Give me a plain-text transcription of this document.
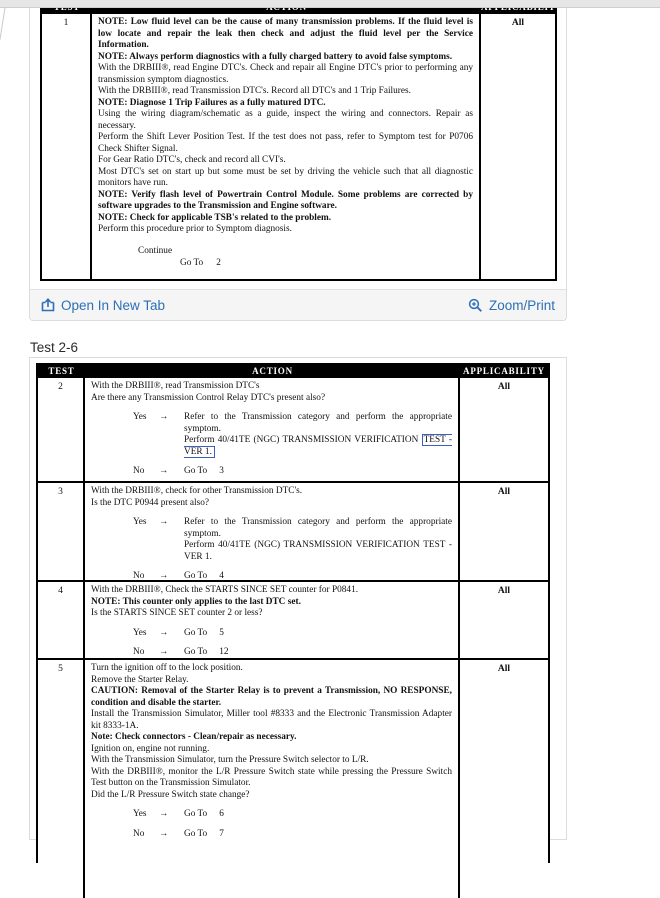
Open In New Tab	Zoom/Print
1	NOTE: Low fluid level can be the cause of many transmission problems. If the fluid level is low locate and repair the leak then check and adjust the fluid level per the Service Information.
NOTE: Always perform diagnostics with a fully charged battery to avoid false symptoms.
With the DRBIII®, read Engine DTC's. Check and repair all Engine DTC's prior to performing any transmission symptom diagnostics.
With the DRBIII®, read Transmission DTC's. Record all DTC's and 1 Trip Failures.
NOTE: Diagnose 1 Trip Failures as a fully matured DTC.
Using the wiring diagram/schematic as a guide, inspect the wiring and connectors. Repair as necessary.
Perform the Shift Lever Position Test. If the test does not pass, refer to Symptom test for P0706 Check Shifter Signal.
For Gear Ratio DTC's, check and record all CVI's.
Most DTC's set on start up but some must be set by driving the vehicle such that all diagnostic monitors have run.
NOTE: Verify flash level of Powertrain Control Module. Some problems are corrected by software upgrades to the Transmission and Engine software.
NOTE: Check for applicable TSB's related to the problem.
Perform this procedure prior to Symptom diagnosis.
Continue
Go To 2
All
Test 2-6
TEST	ACTION	APPLICABILITY
2	With the DRBIII®, read Transmission DTC's
Are there any Transmission Control Relay DTC's present also?
Yes	→	Refer to the Transmission category and perform the appropriate symptom.
Perform 40/41TE (NGC) TRANSMISSION VERIFICATION TEST - VER 1.
No	→	Go To 3
All
3	With the DRBIII®, check for other Transmission DTC's.
Is the DTC P0944 present also?
Yes	→	Refer to the Transmission category and perform the appropriate symptom.
Perform 40/41TE (NGC) TRANSMISSION VERIFICATION TEST - VER 1.
No	→	Go To 4
All
4	With the DRBIII®, Check the STARTS SINCE SET counter for P0841.
NOTE: This counter only applies to the last DTC set.
Is the STARTS SINCE SET counter 2 or less?
Yes	→	Go To 5
No	→	Go To 12
All
5	Turn the ignition off to the lock position.
Remove the Starter Relay.
CAUTION: Removal of the Starter Relay is to prevent a Transmission, NO RESPONSE, condition and disable the starter.
Install the Transmission Simulator, Miller tool #8333 and the Electronic Transmission Adapter kit 8333-1A.
Note: Check connectors - Clean/repair as necessary.
Ignition on, engine not running.
With the Transmission Simulator, turn the Pressure Switch selector to L/R.
With the DRBIII®, monitor the L/R Pressure Switch state while pressing the Pressure Switch Test button on the Transmission Simulator.
Did the L/R Pressure Switch state change?
Yes	→	Go To 6
No	→	Go To 7
All
